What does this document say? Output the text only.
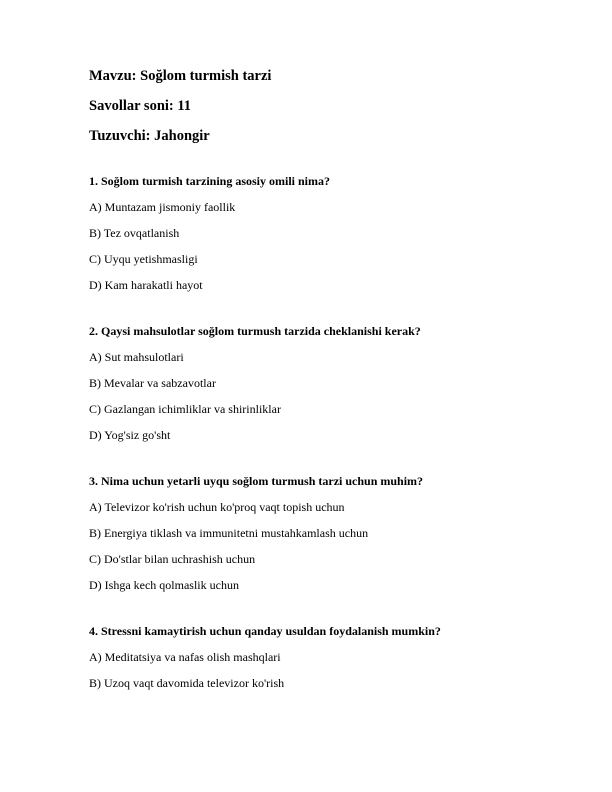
Mavzu: Soğlom turmish tarzi

Savollar soni: 11

Tuzuvchi: Jahongir

1. Soğlom turmish tarzining asosiy omili nima?

A) Muntazam jismoniy faollik

B) Tez ovqatlanish

C) Uyqu yetishmasligi

D) Kam harakatli hayot

2. Qaysi mahsulotlar soğlom turmush tarzida cheklanishi kerak?

A) Sut mahsulotlari

B) Mevalar va sabzavotlar

C) Gazlangan ichimliklar va shirinliklar

D) Yog'siz go'sht

3. Nima uchun yetarli uyqu soğlom turmush tarzi uchun muhim?

A) Televizor ko'rish uchun ko'proq vaqt topish uchun

B) Energiya tiklash va immunitetni mustahkamlash uchun

C) Do'stlar bilan uchrashish uchun

D) Ishga kech qolmaslik uchun

4. Stressni kamaytirish uchun qanday usuldan foydalanish mumkin?

A) Meditatsiya va nafas olish mashqlari

B) Uzoq vaqt davomida televizor ko'rish
